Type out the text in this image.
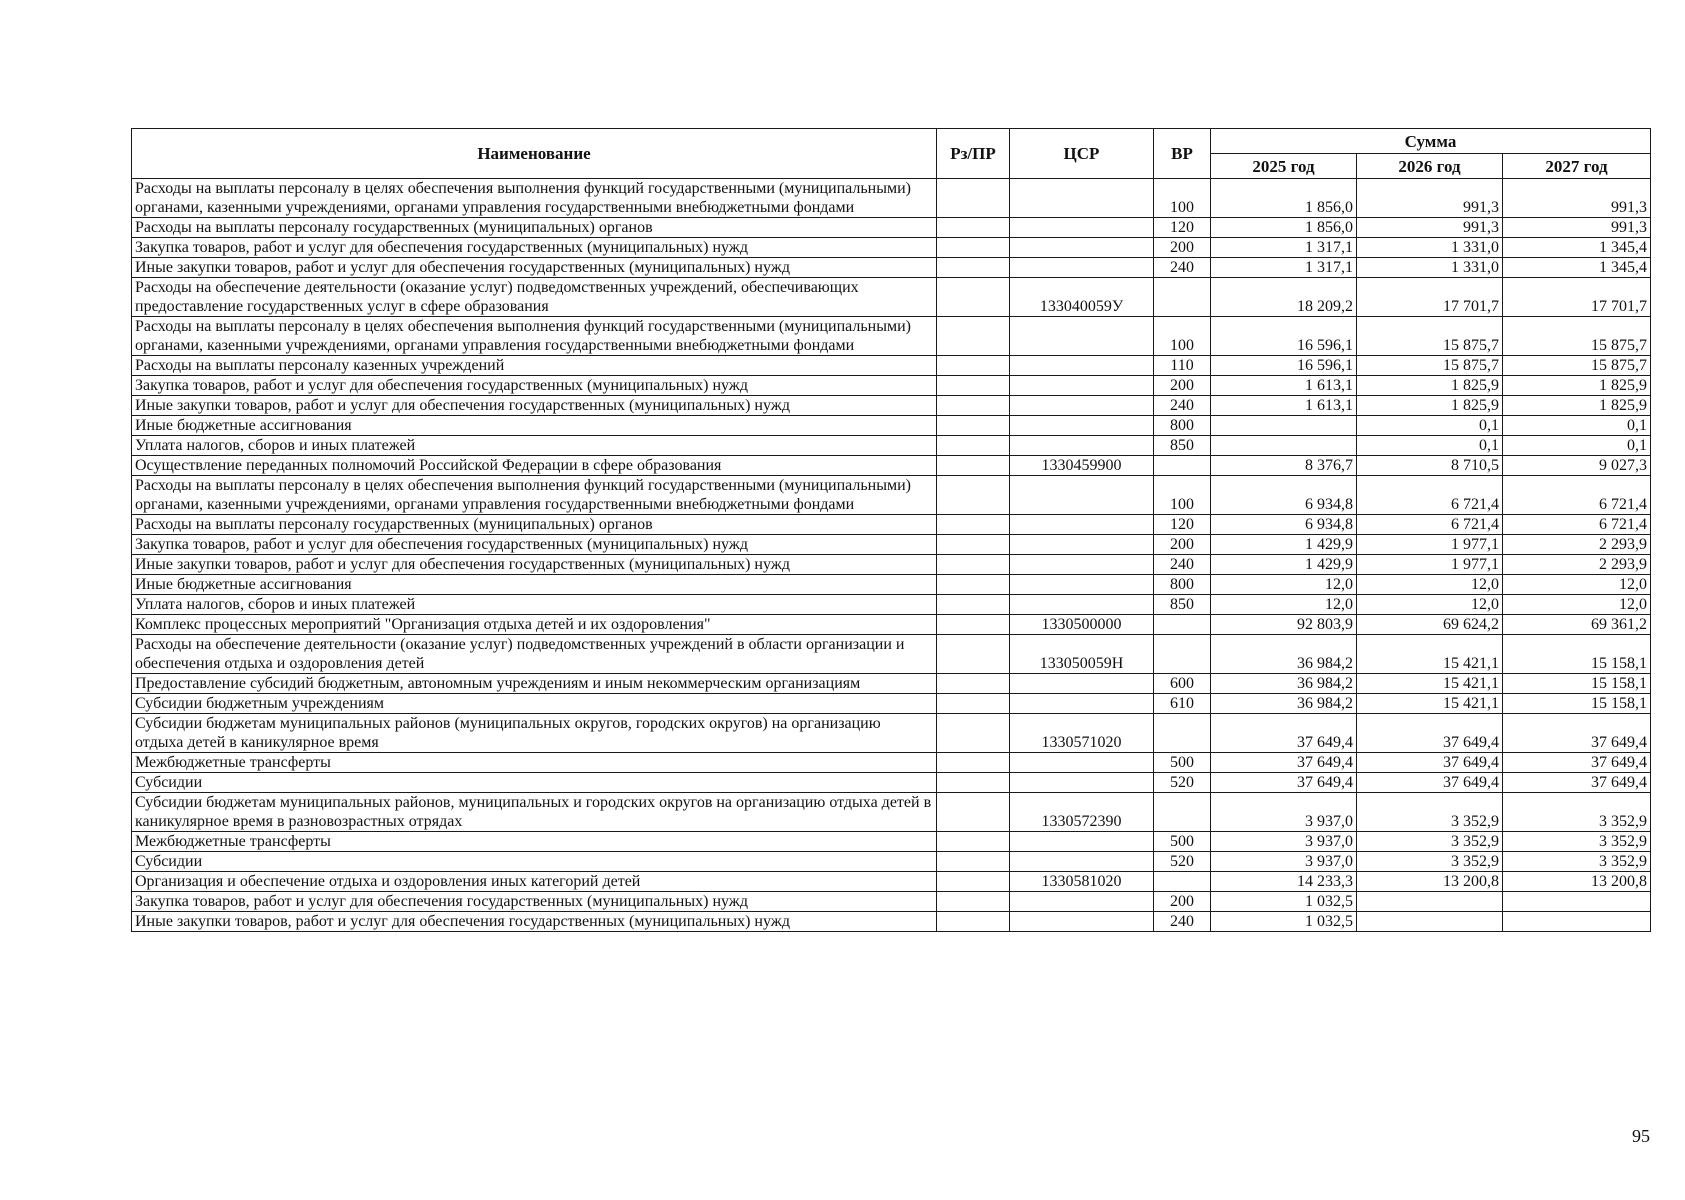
Наименование	Рз/ПР	ЦСР	ВР	Сумма		
				2025 год	2026 год	2027 год
Расходы на выплаты персоналу в целях обеспечения выполнения функций государственными (муниципальными) органами, казенными учреждениями, органами управления государственными внебюджетными фондами			100	1 856,0	991,3	991,3
Расходы на выплаты персоналу государственных (муниципальных) органов			120	1 856,0	991,3	991,3
Закупка товаров, работ и услуг для обеспечения государственных (муниципальных) нужд			200	1 317,1	1 331,0	1 345,4
Иные закупки товаров, работ и услуг для обеспечения государственных (муниципальных) нужд			240	1 317,1	1 331,0	1 345,4
Расходы на обеспечение деятельности (оказание услуг) подведомственных учреждений, обеспечивающих предоставление государственных услуг в сфере образования		133040059У		18 209,2	17 701,7	17 701,7
Расходы на выплаты персоналу в целях обеспечения выполнения функций государственными (муниципальными) органами, казенными учреждениями, органами управления государственными внебюджетными фондами			100	16 596,1	15 875,7	15 875,7
Расходы на выплаты персоналу казенных учреждений			110	16 596,1	15 875,7	15 875,7
Закупка товаров, работ и услуг для обеспечения государственных (муниципальных) нужд			200	1 613,1	1 825,9	1 825,9
Иные закупки товаров, работ и услуг для обеспечения государственных (муниципальных) нужд			240	1 613,1	1 825,9	1 825,9
Иные бюджетные ассигнования			800		0,1	0,1
Уплата налогов, сборов и иных платежей			850		0,1	0,1
Осуществление переданных полномочий Российской Федерации в сфере образования		1330459900		8 376,7	8 710,5	9 027,3
Расходы на выплаты персоналу в целях обеспечения выполнения функций государственными (муниципальными) органами, казенными учреждениями, органами управления государственными внебюджетными фондами			100	6 934,8	6 721,4	6 721,4
Расходы на выплаты персоналу государственных (муниципальных) органов			120	6 934,8	6 721,4	6 721,4
Закупка товаров, работ и услуг для обеспечения государственных (муниципальных) нужд			200	1 429,9	1 977,1	2 293,9
Иные закупки товаров, работ и услуг для обеспечения государственных (муниципальных) нужд			240	1 429,9	1 977,1	2 293,9
Иные бюджетные ассигнования			800	12,0	12,0	12,0
Уплата налогов, сборов и иных платежей			850	12,0	12,0	12,0
Комплекс процессных мероприятий "Организация отдыха детей и их оздоровления"		1330500000		92 803,9	69 624,2	69 361,2
Расходы на обеспечение деятельности (оказание услуг) подведомственных учреждений в области организации и обеспечения отдыха и оздоровления детей		133050059Н		36 984,2	15 421,1	15 158,1
Предоставление субсидий бюджетным, автономным учреждениям и иным некоммерческим организациям			600	36 984,2	15 421,1	15 158,1
Субсидии бюджетным учреждениям			610	36 984,2	15 421,1	15 158,1
Субсидии бюджетам муниципальных районов (муниципальных округов, городских округов) на организацию отдыха детей в каникулярное время		1330571020		37 649,4	37 649,4	37 649,4
Межбюджетные трансферты			500	37 649,4	37 649,4	37 649,4
Субсидии			520	37 649,4	37 649,4	37 649,4
Субсидии бюджетам муниципальных районов, муниципальных и городских округов на организацию отдыха детей в каникулярное время в разновозрастных отрядах		1330572390		3 937,0	3 352,9	3 352,9
Межбюджетные трансферты			500	3 937,0	3 352,9	3 352,9
Субсидии			520	3 937,0	3 352,9	3 352,9
Организация и обеспечение отдыха и оздоровления иных категорий детей		1330581020		14 233,3	13 200,8	13 200,8
Закупка товаров, работ и услуг для обеспечения государственных (муниципальных) нужд			200	1 032,5		
Иные закупки товаров, работ и услуг для обеспечения государственных (муниципальных) нужд			240	1 032,5		
95
